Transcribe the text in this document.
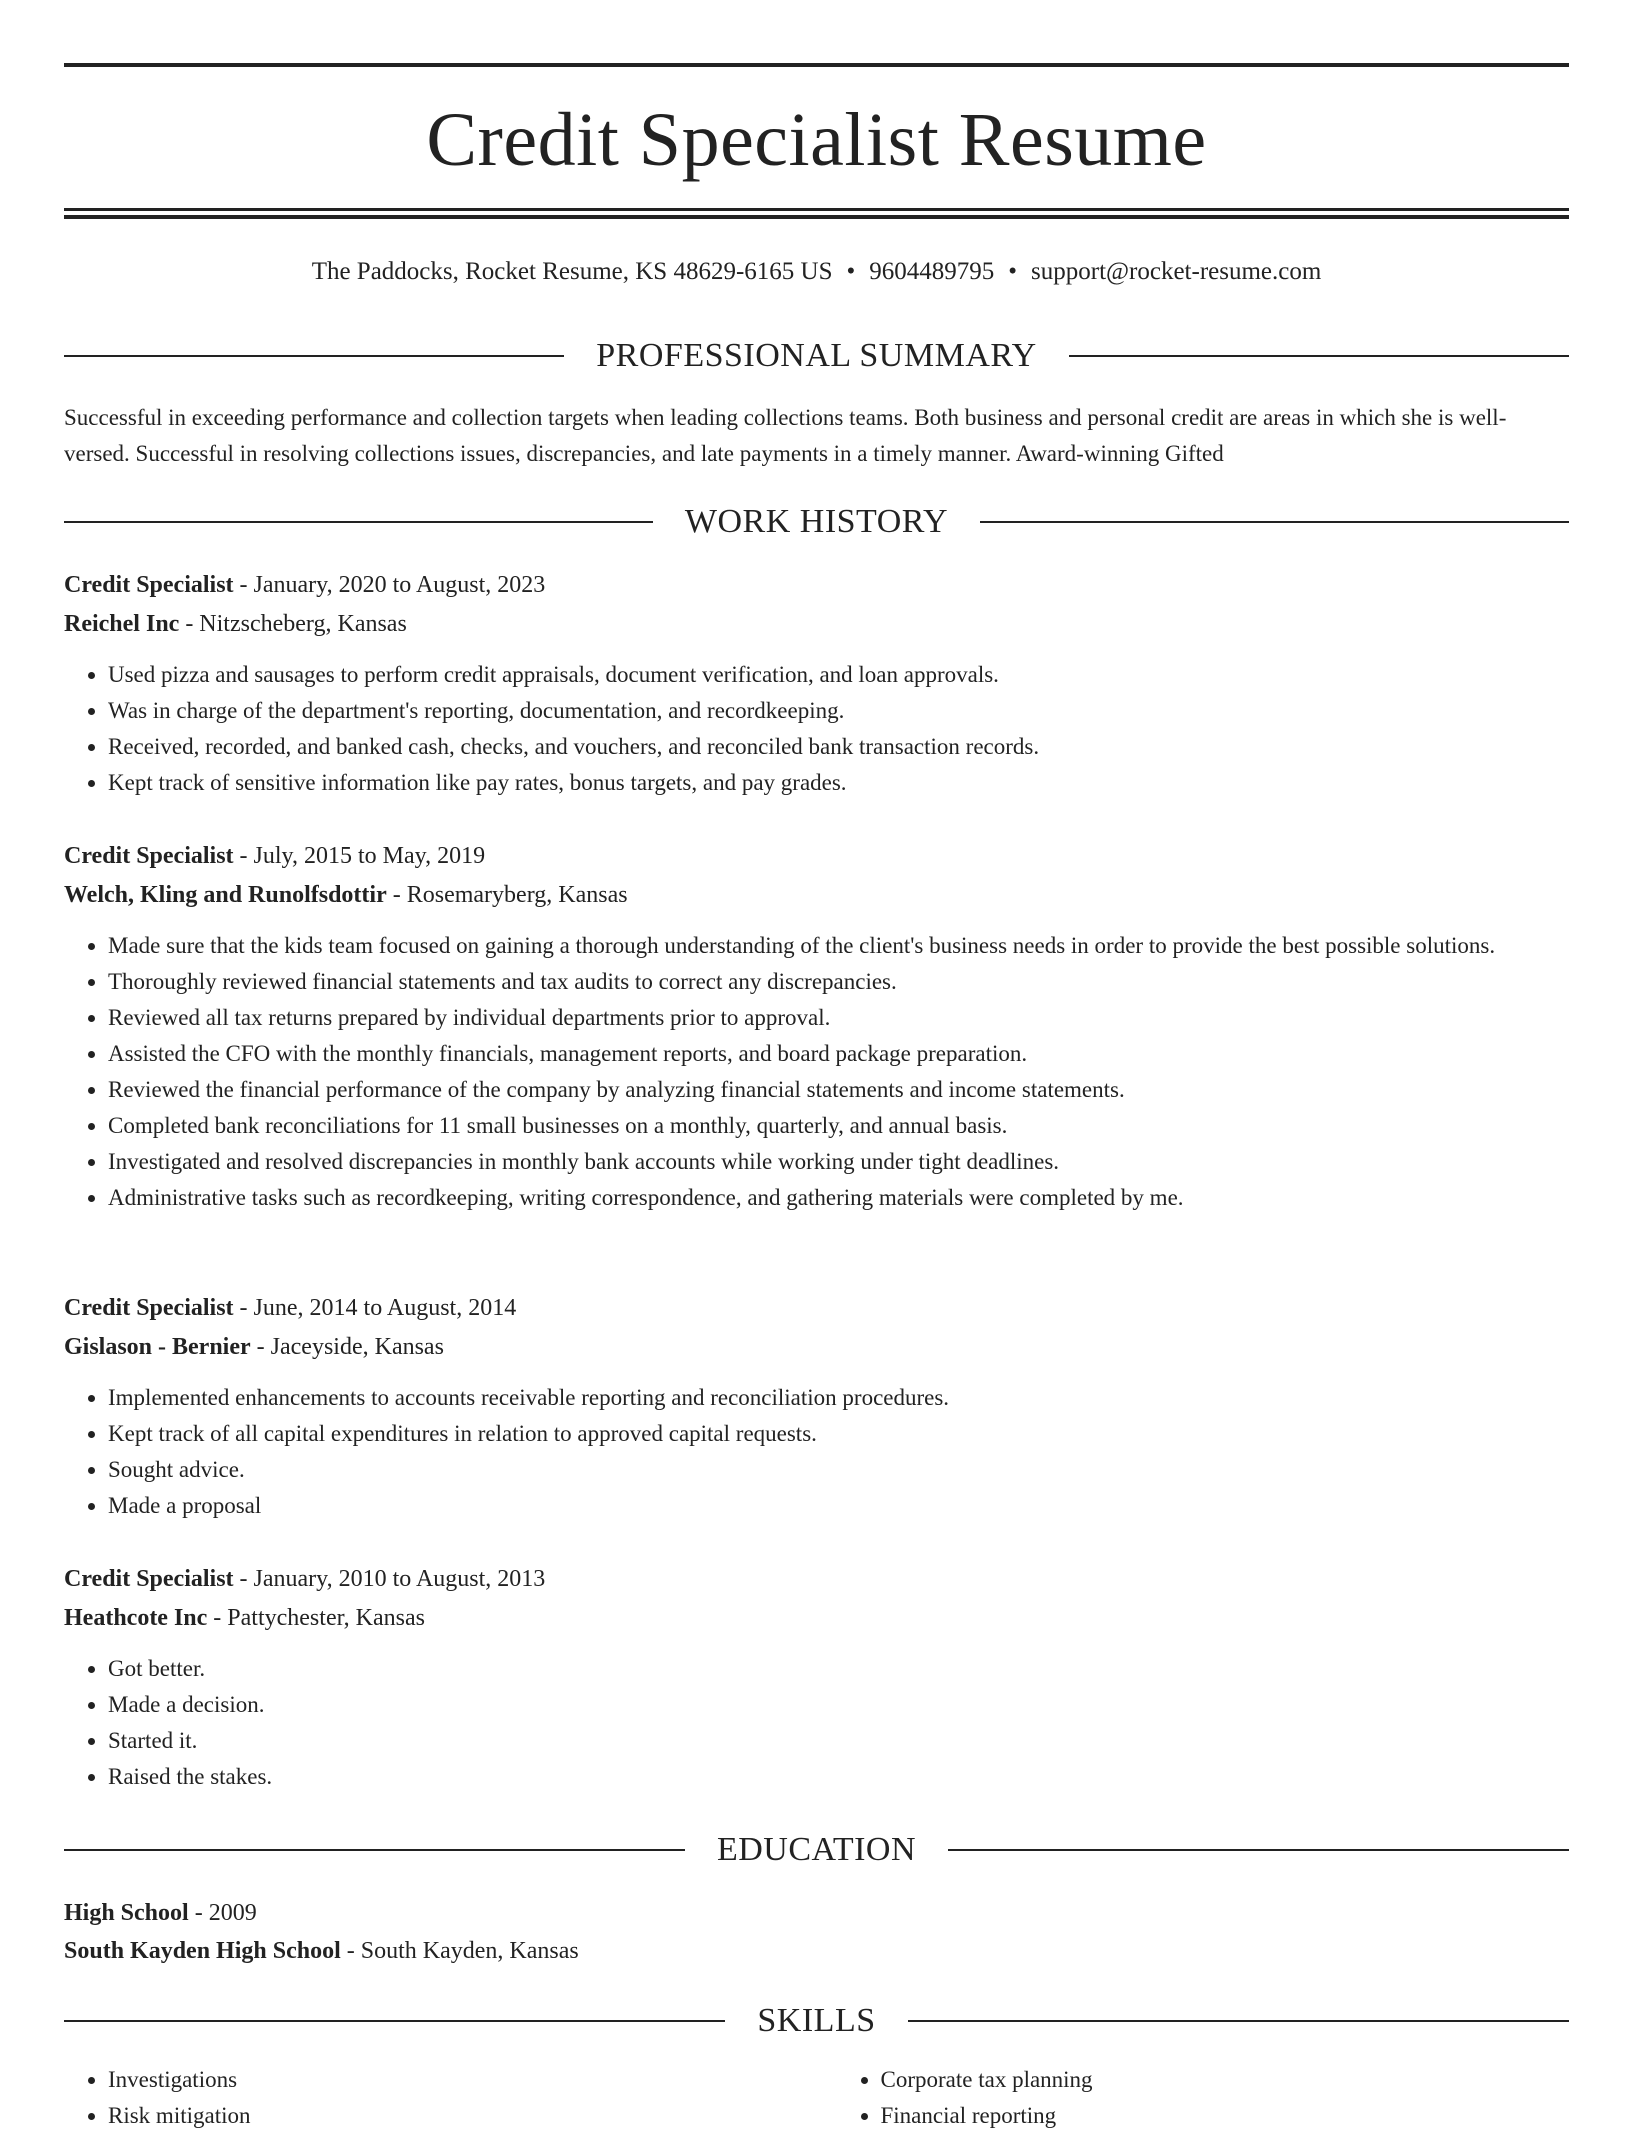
Credit Specialist Resume
The Paddocks, Rocket Resume, KS 48629-6165 US • 9604489795 • support@rocket-resume.com
PROFESSIONAL SUMMARY
Successful in exceeding performance and collection targets when leading collections teams. Both business and personal credit are areas in which she is well-versed. Successful in resolving collections issues, discrepancies, and late payments in a timely manner. Award-winning Gifted
WORK HISTORY
Credit Specialist - January, 2020 to August, 2023
Reichel Inc - Nitzscheberg, Kansas
• Used pizza and sausages to perform credit appraisals, document verification, and loan approvals.
• Was in charge of the department's reporting, documentation, and recordkeeping.
• Received, recorded, and banked cash, checks, and vouchers, and reconciled bank transaction records.
• Kept track of sensitive information like pay rates, bonus targets, and pay grades.
Credit Specialist - July, 2015 to May, 2019
Welch, Kling and Runolfsdottir - Rosemaryberg, Kansas
• Made sure that the kids team focused on gaining a thorough understanding of the client's business needs in order to provide the best possible solutions.
• Thoroughly reviewed financial statements and tax audits to correct any discrepancies.
• Reviewed all tax returns prepared by individual departments prior to approval.
• Assisted the CFO with the monthly financials, management reports, and board package preparation.
• Reviewed the financial performance of the company by analyzing financial statements and income statements.
• Completed bank reconciliations for 11 small businesses on a monthly, quarterly, and annual basis.
• Investigated and resolved discrepancies in monthly bank accounts while working under tight deadlines.
• Administrative tasks such as recordkeeping, writing correspondence, and gathering materials were completed by me.
Credit Specialist - June, 2014 to August, 2014
Gislason - Bernier - Jaceyside, Kansas
• Implemented enhancements to accounts receivable reporting and reconciliation procedures.
• Kept track of all capital expenditures in relation to approved capital requests.
• Sought advice.
• Made a proposal
Credit Specialist - January, 2010 to August, 2013
Heathcote Inc - Pattychester, Kansas
• Got better.
• Made a decision.
• Started it.
• Raised the stakes.
EDUCATION
High School - 2009
South Kayden High School - South Kayden, Kansas
SKILLS
• Investigations
• Risk mitigation
• Corporate tax planning
• Financial reporting
